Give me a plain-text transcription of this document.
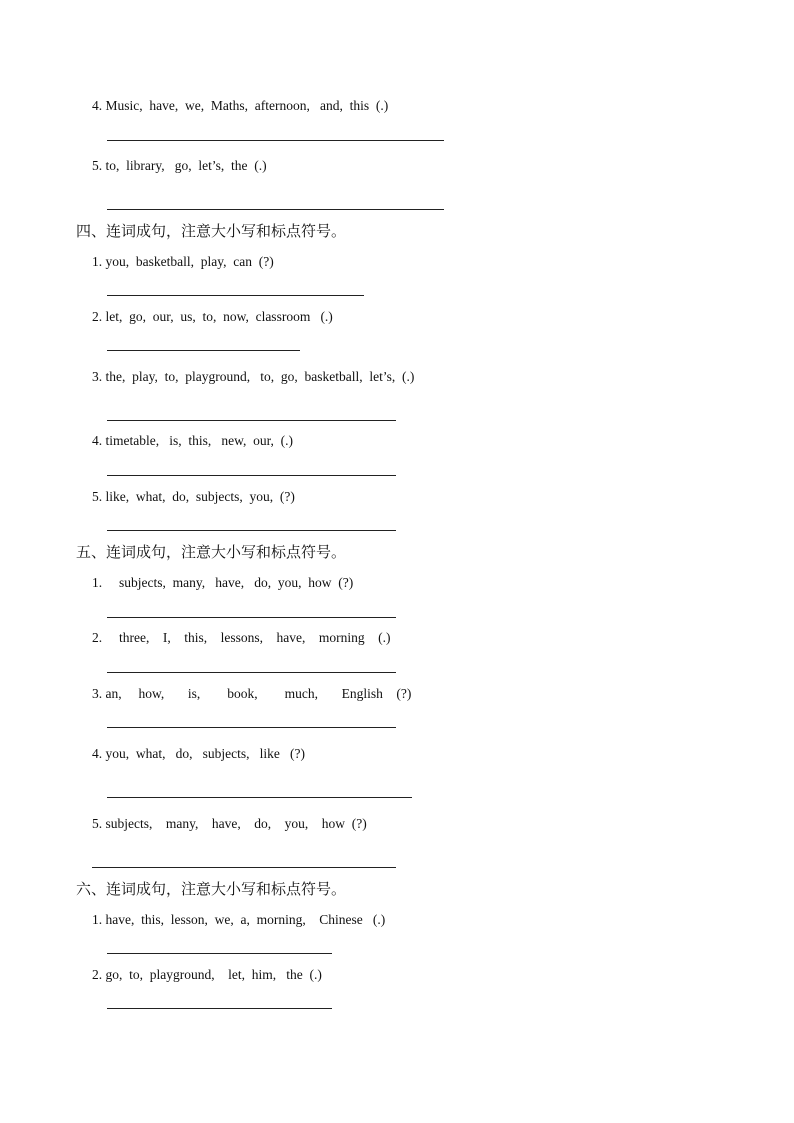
4. Music,  have,  we,  Maths,  afternoon,   and,  this  (.)
5. to,  library,   go,  let’s,  the  (.)
四、连词成句，注意大小写和标点符号。
1. you,  basketball,  play,  can  (?)
2. let,  go,  our,  us,  to,  now,  classroom   (.)
3. the,  play,  to,  playground,   to,  go,  basketball,  let’s,  (.)
4. timetable,   is,  this,   new,  our,  (.)
5. like,  what,  do,  subjects,  you,  (?)
五、连词成句，注意大小写和标点符号。
1.     subjects,  many,   have,   do,  you,  how  (?)
2.     three,    I,    this,    lessons,    have,    morning    (.)
3. an,     how,       is,        book,        much,       English    (?)
4. you,  what,   do,   subjects,   like   (?)
5. subjects,    many,    have,    do,    you,    how  (?)
六、连词成句，注意大小写和标点符号。
1. have,  this,  lesson,  we,  a,  morning,    Chinese   (.)
2. go,  to,  playground,    let,  him,   the  (.)
